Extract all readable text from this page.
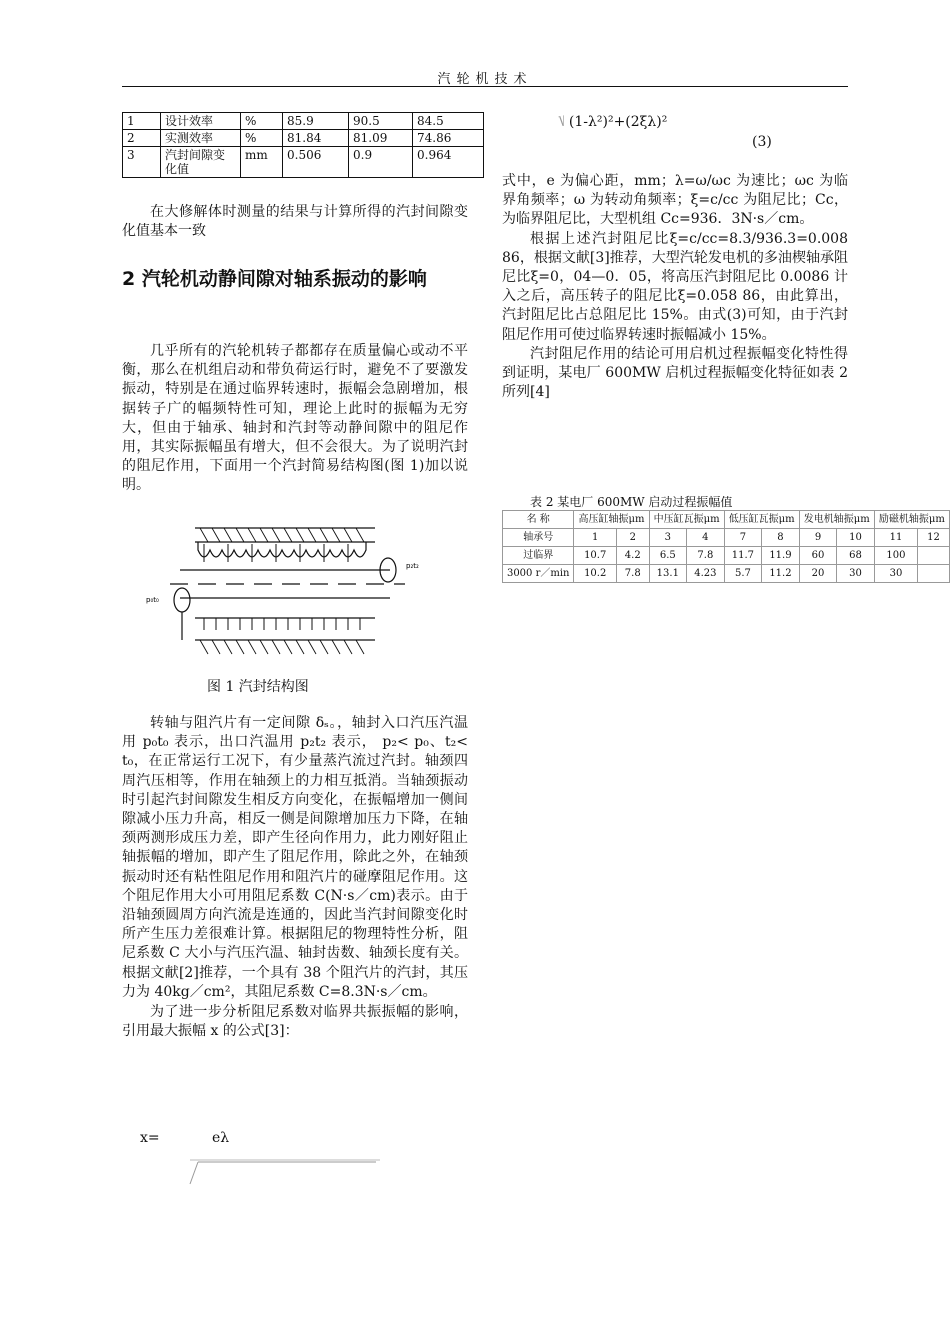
汽轮机技术
1	设计效率	%	85.9	90.5	84.5
2	实测效率	%	81.84	81.09	74.86
3	汽封间隙变化值	mm	0.506	0.9	0.964

在大修解体时测量的结果与计算所得的汽封间隙变化值基本一致

2 汽轮机动静间隙对轴系振动的影响

几乎所有的汽轮机转子都都存在质量偏心或动不平衡，那么在机组启动和带负荷运行时，避免不了要激发振动，特别是在通过临界转速时，振幅会急剧增加，根据转子广的幅频特性可知，理论上此时的振幅为无穷大，但由于轴承、轴封和汽封等动静间隙中的阻尼作用，其实际振幅虽有增大，但不会很大。为了说明汽封的阻尼作用，下面用一个汽封简易结构图(图 1)加以说明。

p₀t₀
p₂t₂
图 1 汽封结构图

转轴与阻汽片有一定间隙 δₛ。，轴封入口汽压汽温用 p₀t₀ 表示，出口汽温用 p₂t₂ 表示， p₂< p₀、t₂< t₀，在正常运行工况下，有少量蒸汽流过汽封。轴颈四周汽压相等，作用在轴颈上的力相互抵消。当轴颈振动时引起汽封间隙发生相反方向变化，在振幅增加一侧间隙减小压力升高，相反一侧是间隙增加压力下降，在轴颈两测形成压力差，即产生径向作用力，此力刚好阻止轴振幅的增加，即产生了阻尼作用，除此之外，在轴颈振动时还有粘性阻尼作用和阻汽片的碰摩阻尼作用。这个阻尼作用大小可用阻尼系数 C(N·s／cm)表示。由于沿轴颈圆周方向汽流是连通的，因此当汽封间隙变化时所产生压力差很难计算。根据阻尼的物理特性分析，阻尼系数 C 大小与汽压汽温、轴封齿数、轴颈长度有关。根据文献[2]推荐，一个具有 38 个阻汽片的汽封，其压力为 40kg／cm²，其阻尼系数 C=8.3N·s／cm。

为了进一步分析阻尼系数对临界共振振幅的影响，引用最大振幅 x 的公式[3]：

x=	eλ
⎷ (1-λ²)²+(2ξλ)²
(3)

式中，e 为偏心距，mm；λ=ω/ωc 为速比；ωc 为临界角频率；ω 为转动角频率；ξ=c/cc 为阻尼比；Cc，为临界阻尼比，大型机组 Cc=936．3N·s／cm。

根据上述汽封阻尼比ξ=c/cc=8.3/936.3=0.008 86，根据文献[3]推荐，大型汽轮发电机的多油楔轴承阻尼比ξ=0，04—0．05，将高压汽封阻尼比 0.0086 计入之后，高压转子的阻尼比ξ=0.058 86，由此算出，汽封阻尼比占总阻尼比 15%。由式(3)可知，由于汽封阻尼作用可使过临界转速时振幅减小 15%。

汽封阻尼作用的结论可用启机过程振幅变化特性得到证明，某电厂 600MW 启机过程振幅变化特征如表 2 所列[4]

表 2 某电厂 600MW 启动过程振幅值
名 称	高压缸轴振μm		中压缸瓦振μm		低压缸瓦振μm		发电机轴振μm		励磁机轴振μm	
轴承号	1	2	3	4	7	8	9	10	11	12
过临界	10.7	4.2	6.5	7.8	11.7	11.9	60	68	100	
3000 r／min	10.2	7.8	13.1	4.23	5.7	11.2	20	30	30	
